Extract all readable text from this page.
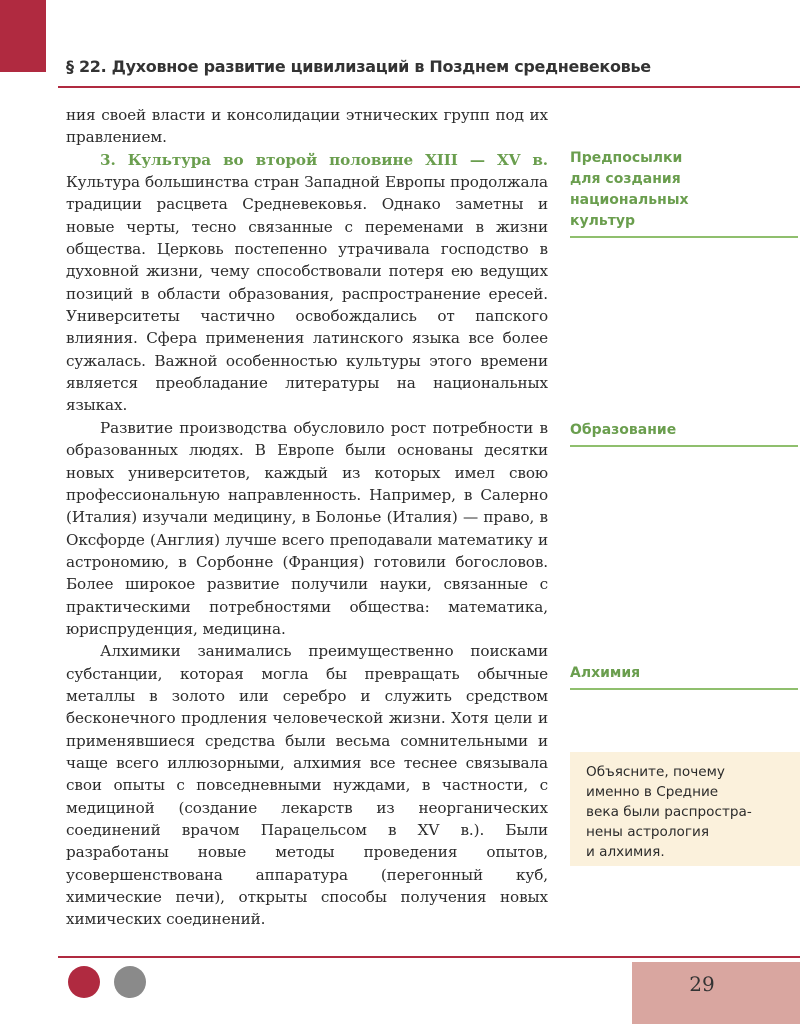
§ 22. Духовное развитие цивилизаций в Позднем средневековье

ния своей власти и консолидации этнических групп под их правлением.

3. Культура во второй половине XIII — XV в. Культура большинства стран Западной Европы продолжала традиции расцвета Средневековья. Однако заметны и новые черты, тесно связанные с переменами в жизни общества. Церковь постепенно утрачивала господство в духовной жизни, чему способствовали потеря ею ведущих позиций в области образования, распространение ересей. Университеты частично освобождались от папского влияния. Сфера применения латинского языка все более сужалась. Важной особенностью культуры этого времени является преобладание литературы на национальных языках.

Развитие производства обусловило рост потребности в образованных людях. В Европе были основаны десятки новых университетов, каждый из которых имел свою профессиональную направленность. Например, в Салерно (Италия) изучали медицину, в Болонье (Италия) — право, в Оксфорде (Англия) лучше всего преподавали математику и астрономию, в Сорбонне (Франция) готовили богословов. Более широкое развитие получили науки, связанные с практическими потребностями общества: математика, юриспруденция, медицина.

Алхимики занимались преимущественно поисками субстанции, которая могла бы превращать обычные металлы в золото или серебро и служить средством бесконечного продления человеческой жизни. Хотя цели и применявшиеся средства были весьма сомнительными и чаще всего иллюзорными, алхимия все теснее связывала свои опыты с повседневными нуждами, в частности, с медициной (создание лекарств из неорганических соединений врачом Парацельсом в XV в.). Были разработаны новые методы проведения опытов, усовершенствована аппаратура (перегонный куб, химические печи), открыты способы получения новых химических соединений.

Предпосылки
для создания
национальных
культур
Образование
Алхимия
Объясните, почему
именно в Средние
века были распростра-
нены астрология
и алхимия.
29
